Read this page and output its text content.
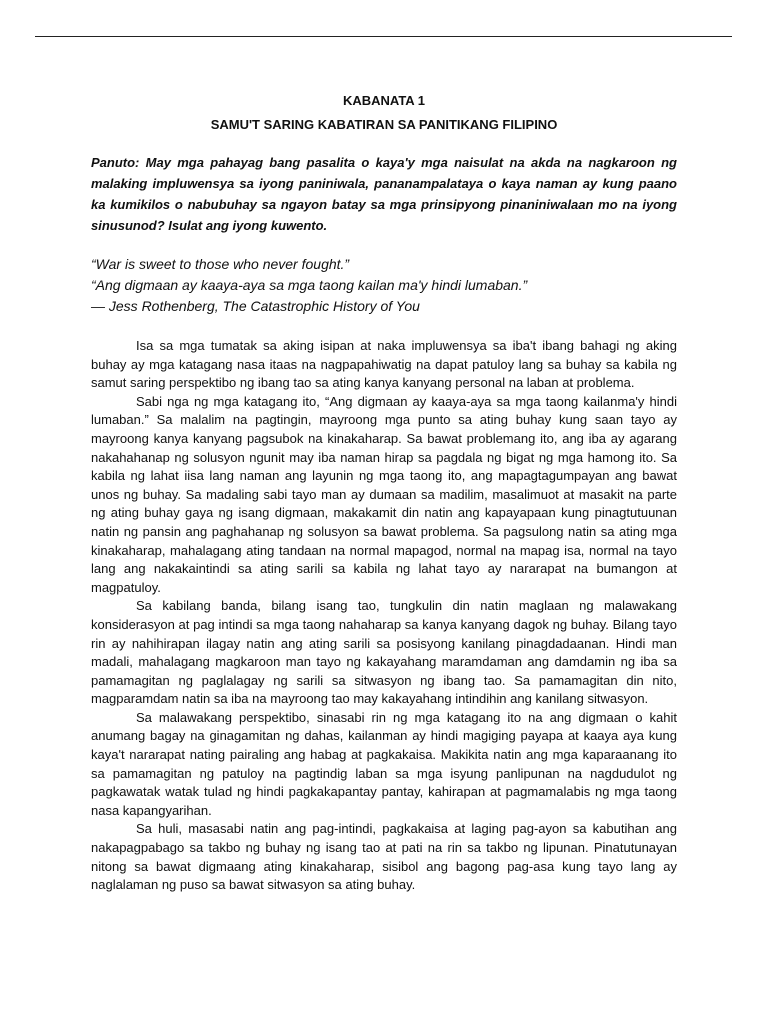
KABANATA 1

SAMU'T SARING KABATIRAN SA PANITIKANG FILIPINO

Panuto: May mga pahayag bang pasalita o kaya'y mga naisulat na akda na nagkaroon ng malaking impluwensya sa iyong paniniwala, pananampalataya o kaya naman ay kung paano ka kumikilos o nabubuhay sa ngayon batay sa mga prinsipyong pinaniniwalaan mo na iyong sinusunod? Isulat ang iyong kuwento.

“War is sweet to those who never fought.”
“Ang digmaan ay kaaya-aya sa mga taong kailan ma'y hindi lumaban.”
— Jess Rothenberg, The Catastrophic History of You

Isa sa mga tumatak sa aking isipan at naka impluwensya sa iba't ibang bahagi ng aking buhay ay mga katagang nasa itaas na nagpapahiwatig na dapat patuloy lang sa buhay sa kabila ng samut saring perspektibo ng ibang tao sa ating kanya kanyang personal na laban at problema.

Sabi nga ng mga katagang ito, “Ang digmaan ay kaaya-aya sa mga taong kailanma'y hindi lumaban.” Sa malalim na pagtingin, mayroong mga punto sa ating buhay kung saan tayo ay mayroong kanya kanyang pagsubok na kinakaharap. Sa bawat problemang ito, ang iba ay agarang nakahahanap ng solusyon ngunit may iba naman hirap sa pagdala ng bigat ng mga hamong ito. Sa kabila ng lahat iisa lang naman ang layunin ng mga taong ito, ang mapagtagumpayan ang bawat unos ng buhay. Sa madaling sabi tayo man ay dumaan sa madilim, masalimuot at masakit na parte ng ating buhay gaya ng isang digmaan, makakamit din natin ang kapayapaan kung pinagtutuunan natin ng pansin ang paghahanap ng solusyon sa bawat problema. Sa pagsulong natin sa ating mga kinakaharap, mahalagang ating tandaan na normal mapagod, normal na mapag isa, normal na tayo lang ang nakakaintindi sa ating sarili sa kabila ng lahat tayo ay nararapat na bumangon at magpatuloy.

Sa kabilang banda, bilang isang tao, tungkulin din natin maglaan ng malawakang konsiderasyon at pag intindi sa mga taong nahaharap sa kanya kanyang dagok ng buhay. Bilang tayo rin ay nahihirapan ilagay natin ang ating sarili sa posisyong kanilang pinagdadaanan. Hindi man madali, mahalagang magkaroon man tayo ng kakayahang maramdaman ang damdamin ng iba sa pamamagitan ng paglalagay ng sarili sa sitwasyon ng ibang tao. Sa pamamagitan din nito, magparamdam natin sa iba na mayroong tao may kakayahang intindihin ang kanilang sitwasyon.

Sa malawakang perspektibo, sinasabi rin ng mga katagang ito na ang digmaan o kahit anumang bagay na ginagamitan ng dahas, kailanman ay hindi magiging payapa at kaaya aya kung kaya't nararapat nating pairaling ang habag at pagkakaisa. Makikita natin ang mga kaparaanang ito sa pamamagitan ng patuloy na pagtindig laban sa mga isyung panlipunan na nagdudulot ng pagkawatak watak tulad ng hindi pagkakapantay pantay, kahirapan at pagmamalabis ng mga taong nasa kapangyarihan.

Sa huli, masasabi natin ang pag-intindi, pagkakaisa at laging pag-ayon sa kabutihan ang nakapagpabago sa takbo ng buhay ng isang tao at pati na rin sa takbo ng lipunan. Pinatutunayan nitong sa bawat digmaang ating kinakaharap, sisibol ang bagong pag-asa kung tayo lang ay naglalaman ng puso sa bawat sitwasyon sa ating buhay.
